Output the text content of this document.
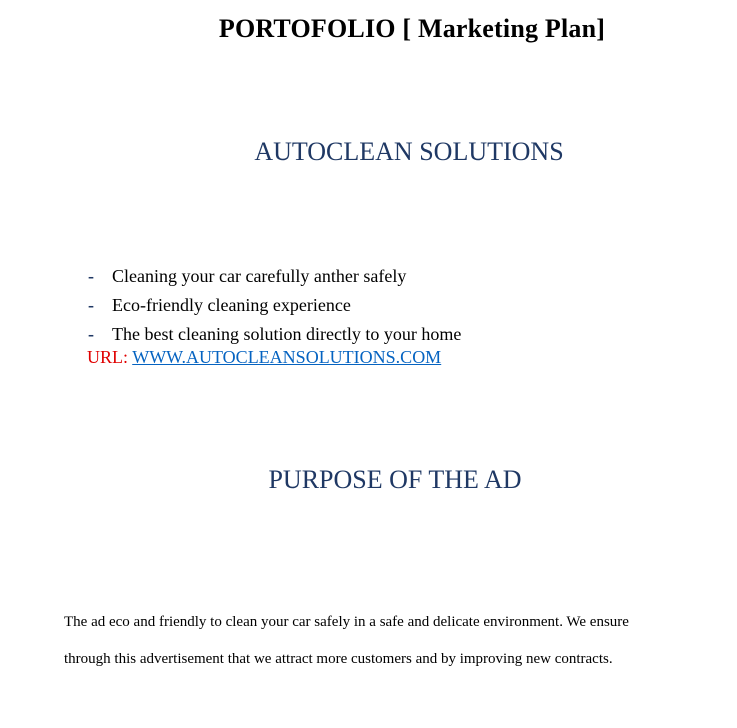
PORTOFOLIO [ Marketing Plan]
AUTOCLEAN SOLUTIONS
-	Cleaning your car carefully anther safely
-	Eco-friendly cleaning experience
-	The best cleaning solution directly to your home
URL: WWW.AUTOCLEANSOLUTIONS.COM
PURPOSE OF THE AD

The ad eco and friendly to clean your car safely in a safe and delicate environment. We ensure through this advertisement that we attract more customers and by improving new contracts.
